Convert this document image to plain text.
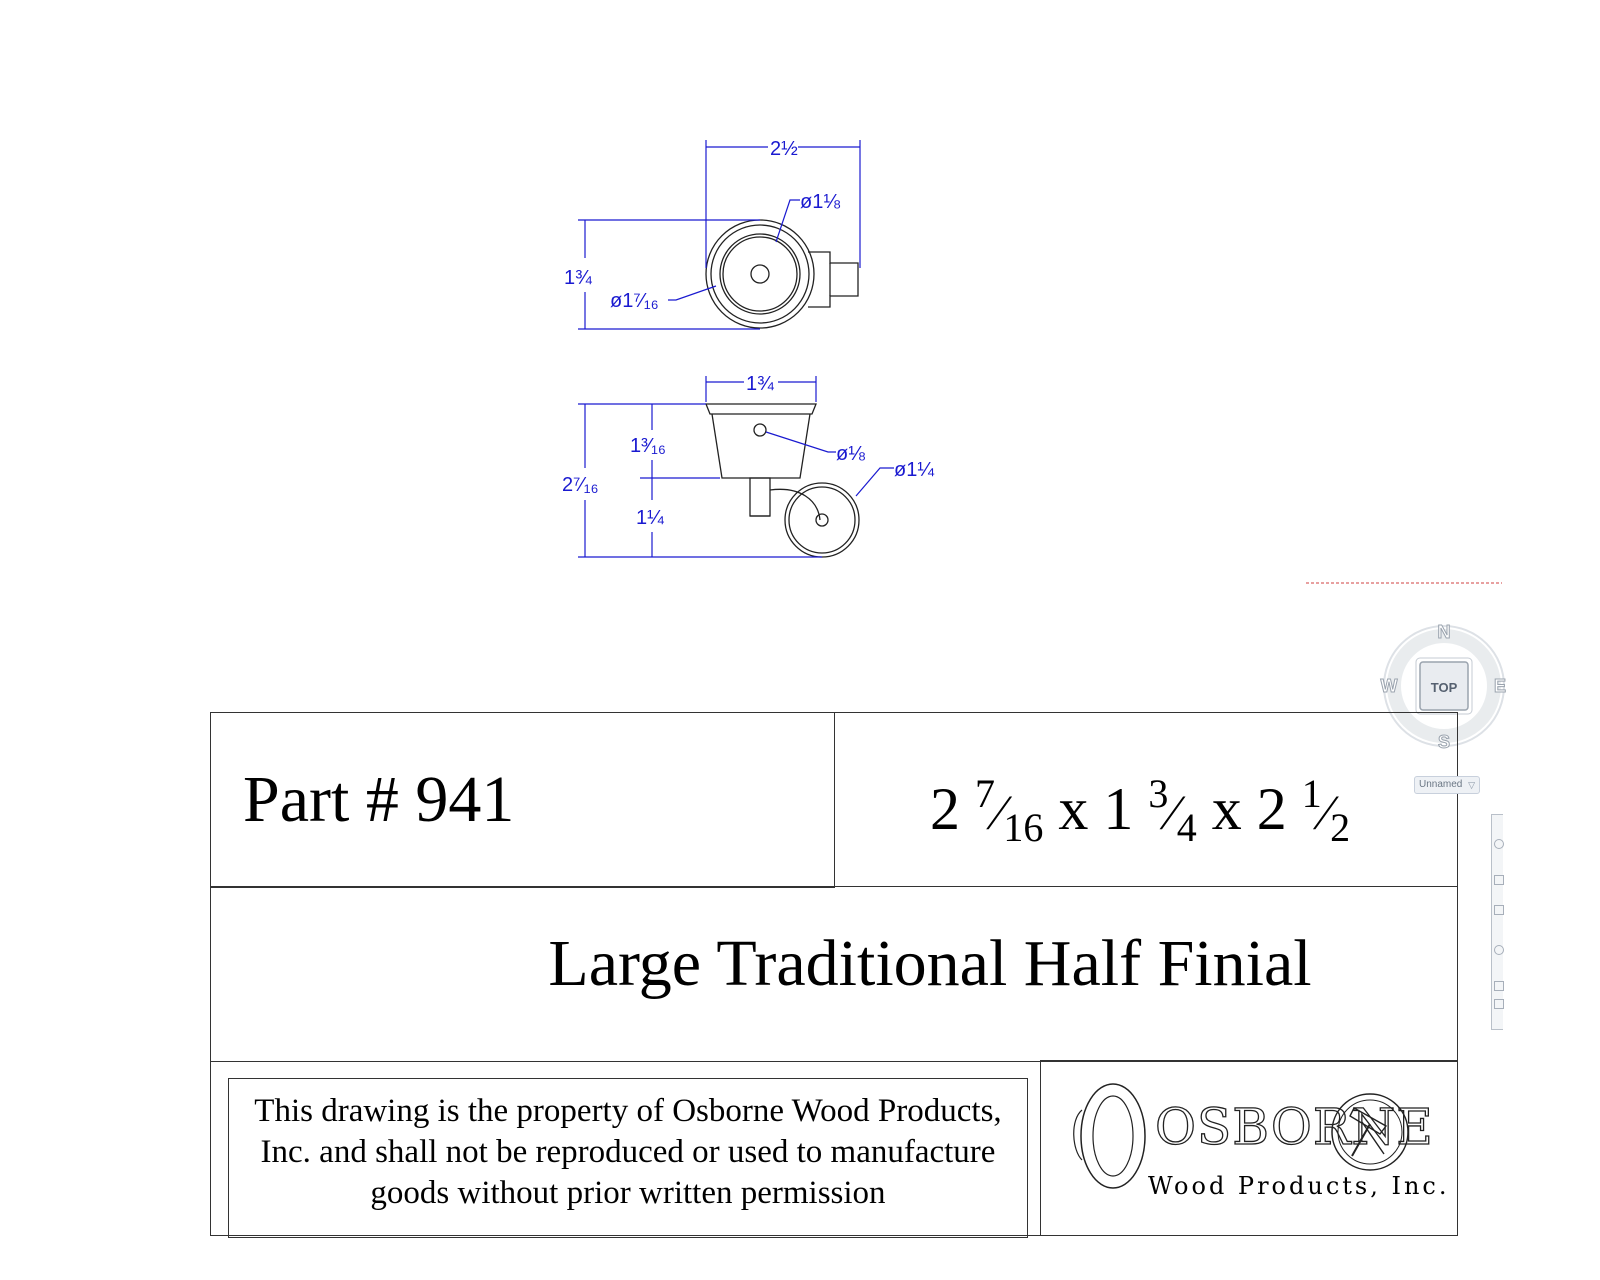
2½
ø1⅛
1¾
ø1⁷⁄₁₆
1¾
2⁷⁄₁₆
1³⁄₁₆
1¼
ø⅛
ø1¼
TOP
N
S
W	E
Part # 941	2 $^7⁄_{16}$ x 1 $^3⁄_4$ x 2 $^1⁄_2$
Large Traditional Half Finial
This drawing is the property of Osborne Wood Products, Inc. and shall not be reproduced or used to manufacture goods without prior written permission
OSBORNE
Wood Products, Inc.
Unnamed ▽
